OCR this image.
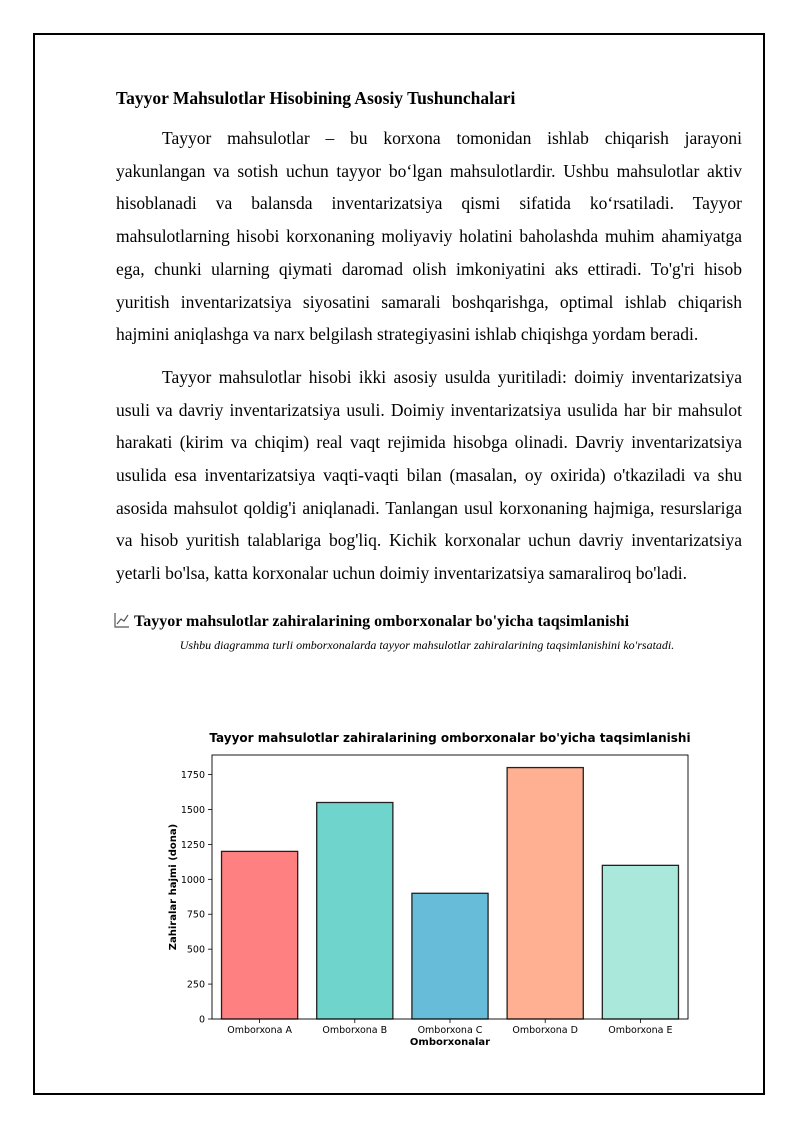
Tayyor Mahsulotlar Hisobining Asosiy Tushunchalari

Tayyor mahsulotlar – bu korxona tomonidan ishlab chiqarish jarayoni yakunlangan va sotish uchun tayyor bo‘lgan mahsulotlardir. Ushbu mahsulotlar aktiv hisoblanadi va balansda inventarizatsiya qismi sifatida ko‘rsatiladi. Tayyor mahsulotlarning hisobi korxonaning moliyaviy holatini baholashda muhim ahamiyatga ega, chunki ularning qiymati daromad olish imkoniyatini aks ettiradi. To'g'ri hisob yuritish inventarizatsiya siyosatini samarali boshqarishga, optimal ishlab chiqarish hajmini aniqlashga va narx belgilash strategiyasini ishlab chiqishga yordam beradi.

Tayyor mahsulotlar hisobi ikki asosiy usulda yuritiladi: doimiy inventarizatsiya usuli va davriy inventarizatsiya usuli. Doimiy inventarizatsiya usulida har bir mahsulot harakati (kirim va chiqim) real vaqt rejimida hisobga olinadi. Davriy inventarizatsiya usulida esa inventarizatsiya vaqti-vaqti bilan (masalan, oy oxirida) o'tkaziladi va shu asosida mahsulot qoldig'i aniqlanadi. Tanlangan usul korxonaning hajmiga, resurslariga va hisob yuritish talablariga bog'liq. Kichik korxonalar uchun davriy inventarizatsiya yetarli bo'lsa, katta korxonalar uchun doimiy inventarizatsiya samaraliroq bo'ladi.

Tayyor mahsulotlar zahiralarining omborxonalar bo'yicha taqsimlanishi
Ushbu diagramma turli omborxonalarda tayyor mahsulotlar zahiralarining taqsimlanishini ko'rsatadi.
Tayyor mahsulotlar zahiralarining omborxonalar bo'yicha taqsimlanishi
Omborxona A	Omborxona B	Omborxona C	Omborxona D	Omborxona E
0
250
500
750
1000
1250
1500
1750
Omborxonalar
Zahiralar hajmi (dona)
